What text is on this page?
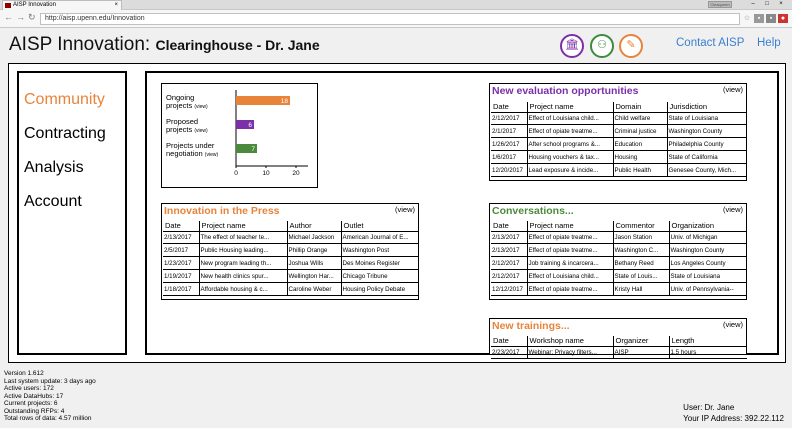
AISP Innovation	×	Cleaqueen	– □ ×
←→↻ http://aisp.upenn.edu/Innovation	☆ ▪ ▪ ●
AISP Innovation: Clearinghouse - Dr. Jane	🏛	⚇	✎	Contact AISP Help
Community
Contracting
Analysis
Account
Ongoing
projects (view)
Proposed
projects (view)
Projects under
negotiation (view)
18
6
7
0	10	20
Innovation in the Press	(view)
Date	Project name	Author	Outlet
2/13/2017	The effect of teacher te...	Michael Jackson	American Journal of E...
2/5/2017	Public Housing leading...	Phillip Orange	Washington Post
1/23/2017	New program leading th...	Joshua Wills	Des Moines Register
1/19/2017	New health clinics spur...	Wellington Har...	Chicago Tribune
1/18/2017	Affordable housing & c...	Caroline Weber	Housing Policy Debate
New evaluation opportunities	(view)
Date	Project name	Domain	Jurisdiction
2/12/2017	Effect of Louisiana child...	Child welfare	State of Louisiana
2/1/2017	Effect of opiate treatme...	Criminal justice	Washington County
1/26/2017	After school programs &...	Education	Philadelphia County
1/6/2017	Housing vouchers & tax...	Housing	State of California
12/20/2017	Lead exposure & incide...	Public Health	Genesee County, Mich...
Conversations...	(view)
Date	Project name	Commentor	Organization
2/13/2017	Effect of opiate treatme...	Jason Station	Univ. of Michigan
2/13/2017	Effect of opiate treatme...	Washington C...	Washington County
2/12/2017	Job training & incarcera...	Bethany Reed	Los Angeles County
2/12/2017	Effect of Louisiana child...	State of Louis...	State of Louisiana
12/12/2017	Effect of opiate treatme...	Kristy Hall	Univ. of Pennsylvania--
New trainings...	(view)
Date	Workshop name	Organizer	Length
2/23/2017	Webinar: Privacy filters...	AISP	1.5 hours
Version 1.612
Last system update: 3 days ago
Active users: 172
Active DataHubs: 17
Current projects: 6
Outstanding RFPs: 4
Total rows of data: 4.57 million
User: Dr. Jane
Your IP Address: 392.22.112
